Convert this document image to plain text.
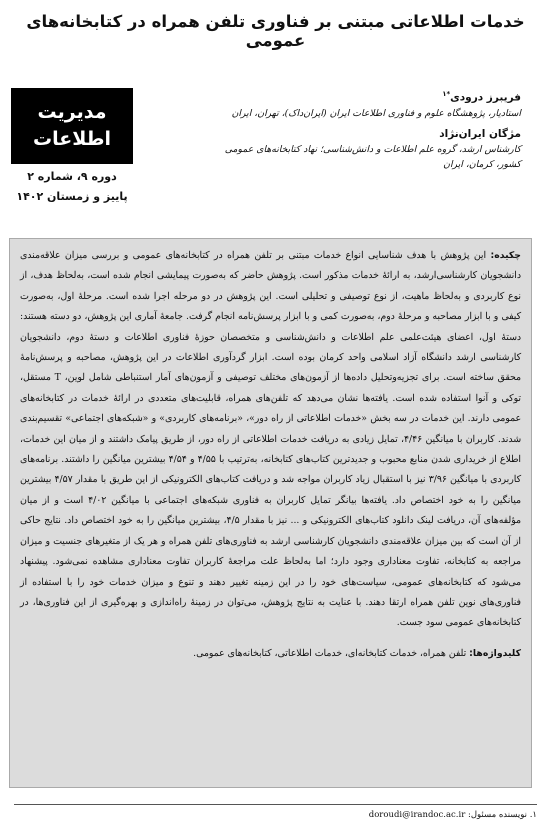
خدمات اطلاعاتی مبتنی بر فناوری تلفن همراه در کتابخانه‌های عمومی
مدیریت
اطلاعات
دوره ۹، شماره ۲
پاییز و زمستان ۱۴۰۲
فریبرز درودی$^{*۱}$
استادیار، پژوهشگاه علوم و فناوری اطلاعات ایران (ایران‌داک)، تهران، ایران
مژگان ایران‌نژاد
کارشناس ارشد، گروه علم اطلاعات و دانش‌شناسی؛ نهاد کتابخانه‌های عمومی کشور، کرمان، ایران
چکیده: این پژوهش با هدف شناسایی انواع خدمات مبتنی بر تلفن همراه در کتابخانه‌های عمومی و بررسی میزان علاقه‌مندی دانشجویان کارشناسی‌ارشد، به ارائهٔ خدمات مذکور است. پژوهش حاضر که به‌صورت پیمایشی انجام شده است، به‌لحاظ هدف، از نوع کاربردی و به‌لحاظ ماهیت، از نوع توصیفی و تحلیلی است. این پژوهش در دو مرحله اجرا شده است. مرحلهٔ اول، به‌صورت کیفی و با ابزار مصاحبه و مرحلهٔ دوم، به‌صورت کمی و با ابزار پرسش‌نامه انجام گرفت. جامعهٔ آماری این پژوهش، دو دسته هستند: دستهٔ اول، اعضای هیئت‌علمی علم اطلاعات و دانش‌شناسی و متخصصان حوزهٔ فناوری اطلاعات و دستهٔ دوم، دانشجویان کارشناسی ارشد دانشگاه آزاد اسلامی واحد کرمان بوده است. ابزار گردآوری اطلاعات در این پژوهش، مصاحبه و پرسش‌نامهٔ محقق ساخته است. برای تجزیه‌وتحلیل داده‌ها از آزمون‌های مختلف توصیفی و آزمون‌های آمار استنباطی شامل لوین، T مستقل، توکی و آنوا استفاده شده است. یافته‌ها نشان می‌دهد که تلفن‌های همراه، قابلیت‌های متعددی در ارائهٔ خدمات در کتابخانه‌های عمومی دارند. این خدمات در سه بخش «خدمات اطلاعاتی از راه دور»، «برنامه‌های کاربردی» و «شبکه‌های اجتماعی» تقسیم‌بندی شدند. کاربران با میانگین ۴/۴۶، تمایل زیادی به دریافت خدمات اطلاعاتی از راه دور، از طریق پیامک داشتند و از میان این خدمات، اطلاع از خریداری شدن منابع محبوب و جدیدترین کتاب‌های کتابخانه، به‌ترتیب با ۴/۵۵ و ۴/۵۴ بیشترین میانگین را داشتند. برنامه‌های کاربردی با میانگین ۳/۹۶ نیز با استقبال زیاد کاربران مواجه شد و دریافت کتاب‌های الکترونیکی از این طریق با مقدار ۴/۵۷ بیشترین میانگین را به خود اختصاص داد. یافته‌ها بیانگر تمایل کاربران به فناوری شبکه‌های اجتماعی با میانگین ۴/۰۲ است و از میان مؤلفه‌های آن، دریافت لینک دانلود کتاب‌های الکترونیکی و ... نیز با مقدار ۴/۵، بیشترین میانگین را به خود اختصاص داد. نتایج حاکی از آن است که بین میزان علاقه‌مندی دانشجویان کارشناسی ارشد به فناوری‌های تلفن همراه و هر یک از متغیرهای جنسیت و میزان مراجعه به کتابخانه، تفاوت معناداری وجود دارد؛ اما به‌لحاظ علت مراجعهٔ کاربران تفاوت معناداری مشاهده نمی‌شود. پیشنهاد می‌شود که کتابخانه‌های عمومی، سیاست‌های خود را در این زمینه تغییر دهند و تنوع و میزان خدمات خود را با استفاده از فناوری‌های نوین تلفن همراه ارتقا دهند. با عنایت به نتایج پژوهش، می‌توان در زمینهٔ راه‌اندازی و بهره‌گیری از این فناوری‌ها، در کتابخانه‌های عمومی سود جست.
کلیدواژه‌ها: تلفن همراه، خدمات کتابخانه‌ای، خدمات اطلاعاتی، کتابخانه‌های عمومی.
۱. نویسنده مسئول: doroudi@irandoc.ac.ir
